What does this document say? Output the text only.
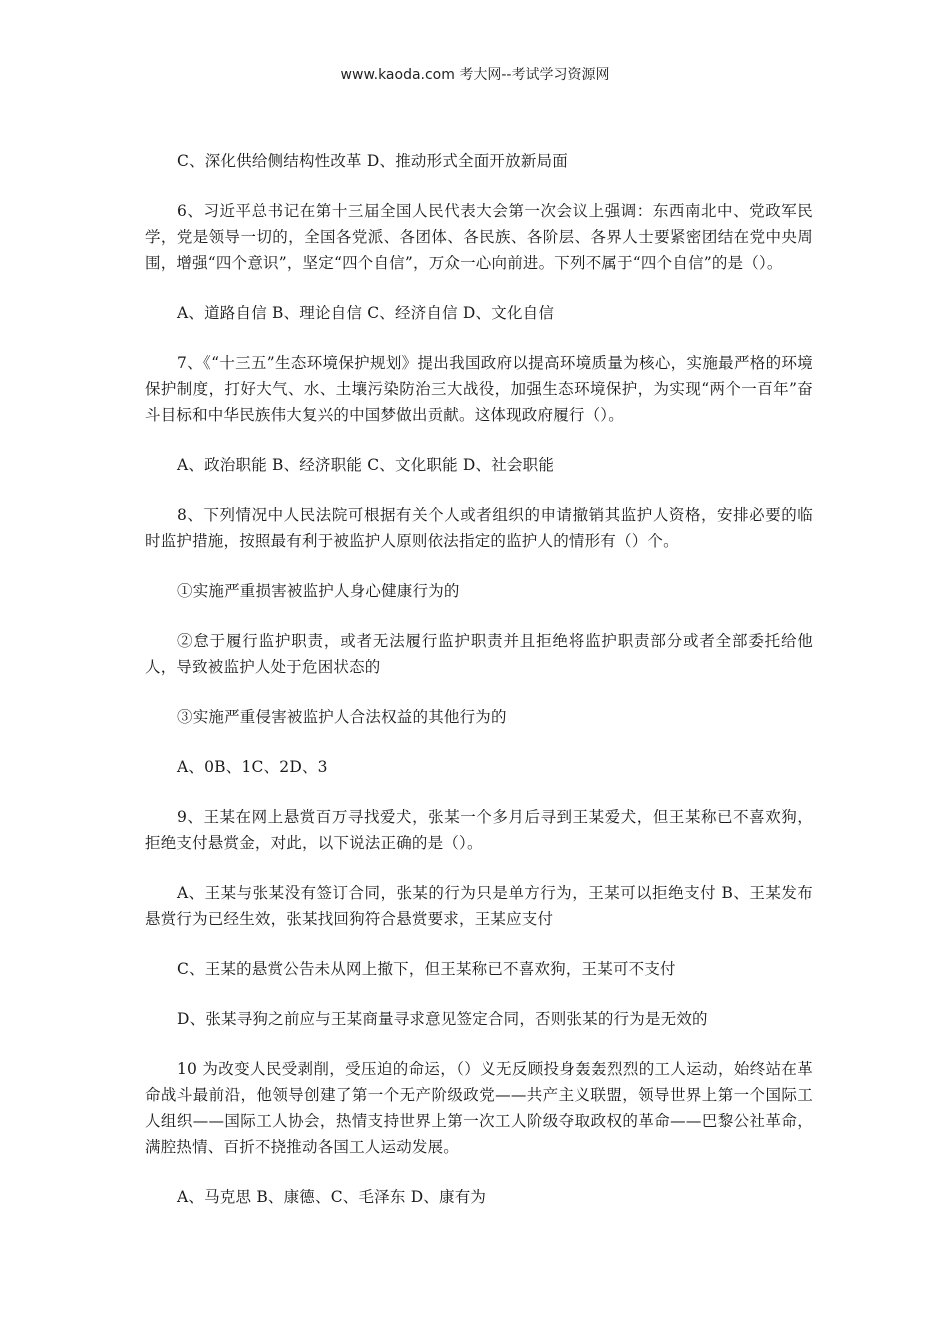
www.kaoda.com 考大网--考试学习资源网

C、深化供给侧结构性改革 D、推动形式全面开放新局面

6、习近平总书记在第十三届全国人民代表大会第一次会议上强调：东西南北中、党政军民学，党是领导一切的，全国各党派、各团体、各民族、各阶层、各界人士要紧密团结在党中央周围，增强“四个意识”，坚定“四个自信”，万众一心向前进。下列不属于“四个自信”的是（）。

A、道路自信 B、理论自信 C、经济自信 D、文化自信

7、《“十三五”生态环境保护规划》提出我国政府以提高环境质量为核心，实施最严格的环境保护制度，打好大气、水、土壤污染防治三大战役，加强生态环境保护，为实现“两个一百年”奋斗目标和中华民族伟大复兴的中国梦做出贡献。这体现政府履行（）。

A、政治职能 B、经济职能 C、文化职能 D、社会职能

8、下列情况中人民法院可根据有关个人或者组织的申请撤销其监护人资格，安排必要的临时监护措施，按照最有利于被监护人原则依法指定的监护人的情形有（）个。

①实施严重损害被监护人身心健康行为的

②怠于履行监护职责，或者无法履行监护职责并且拒绝将监护职责部分或者全部委托给他人，导致被监护人处于危困状态的

③实施严重侵害被监护人合法权益的其他行为的

A、0B、1C、2D、3

9、王某在网上悬赏百万寻找爱犬，张某一个多月后寻到王某爱犬，但王某称已不喜欢狗，拒绝支付悬赏金，对此，以下说法正确的是（）。

A、王某与张某没有签订合同，张某的行为只是单方行为，王某可以拒绝支付 B、王某发布悬赏行为已经生效，张某找回狗符合悬赏要求，王某应支付

C、王某的悬赏公告未从网上撤下，但王某称已不喜欢狗，王某可不支付

D、张某寻狗之前应与王某商量寻求意见签定合同，否则张某的行为是无效的

10 为改变人民受剥削，受压迫的命运，（）义无反顾投身轰轰烈烈的工人运动，始终站在革命战斗最前沿，他领导创建了第一个无产阶级政党——共产主义联盟，领导世界上第一个国际工人组织——国际工人协会，热情支持世界上第一次工人阶级夺取政权的革命——巴黎公社革命，满腔热情、百折不挠推动各国工人运动发展。

A、马克思 B、康德、C、毛泽东 D、康有为
